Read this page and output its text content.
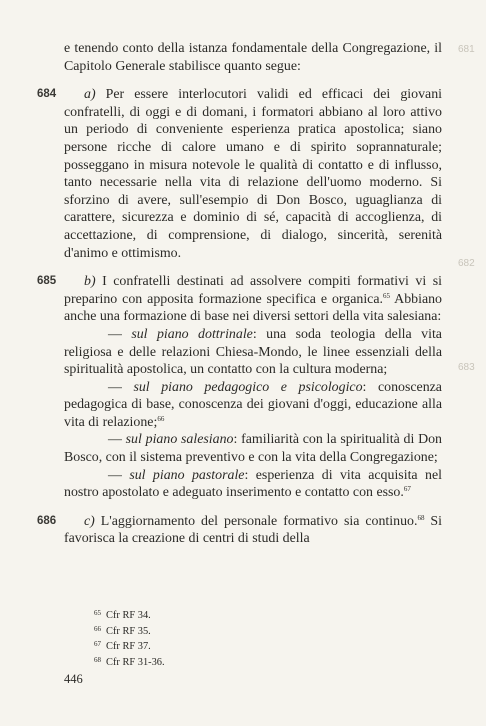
681
682
683

e tenendo conto della istanza fondamentale della Congregazione, il Capitolo Generale stabilisce quanto segue:

684 a) Per essere interlocutori validi ed efficaci dei giovani confratelli, di oggi e di domani, i formatori abbiano al loro attivo un periodo di conveniente esperienza pratica apostolica; siano persone ricche di calore umano e di spirito soprannaturale; posseggano in misura notevole le qualità di contatto e di influsso, tanto necessarie nella vita di relazione dell'uomo moderno. Si sforzino di avere, sull'esempio di Don Bosco, uguaglianza di carattere, sicurezza e dominio di sé, capacità di accoglienza, di accettazione, di comprensione, di dialogo, sincerità, serenità d'animo e ottimismo.

685 b) I confratelli destinati ad assolvere compiti formativi vi si preparino con apposita formazione specifica e organica.$^{65}$ Abbiano anche una formazione di base nei diversi settori della vita salesiana:

— sul piano dottrinale: una soda teologia della vita religiosa e delle relazioni Chiesa-Mondo, le linee essenziali della spiritualità apostolica, un contatto con la cultura moderna;

— sul piano pedagogico e psicologico: conoscenza pedagogica di base, conoscenza dei giovani d'oggi, educazione alla vita di relazione;$^{66}$

— sul piano salesiano: familiarità con la spiritualità di Don Bosco, con il sistema preventivo e con la vita della Congregazione;

— sul piano pastorale: esperienza di vita acquisita nel nostro apostolato e adeguato inserimento e contatto con esso.$^{67}$

686 c) L'aggiornamento del personale formativo sia continuo.$^{68}$ Si favorisca la creazione di centri di studi della

65 Cfr RF 34.
66 Cfr RF 35.
67 Cfr RF 37.
68 Cfr RF 31-36.
446
